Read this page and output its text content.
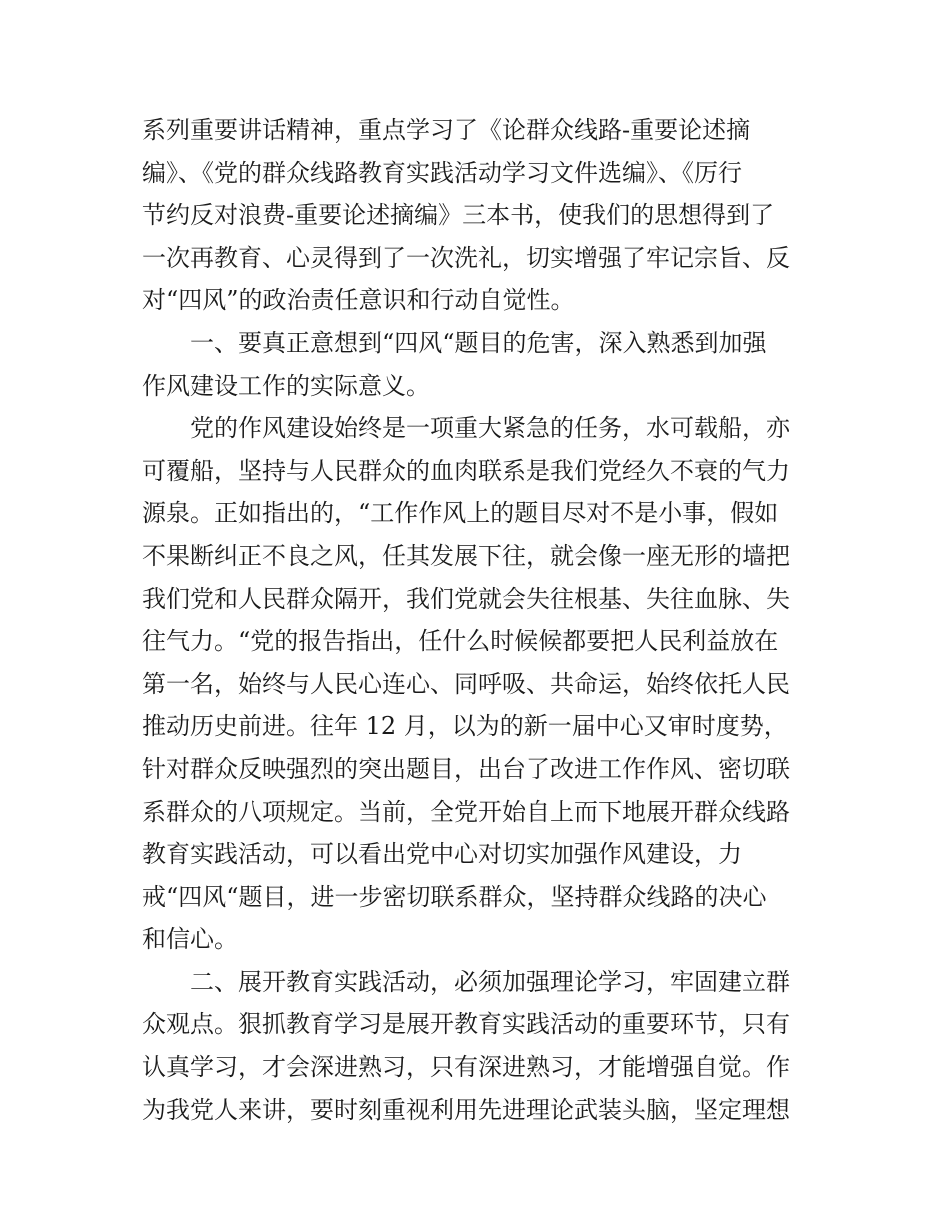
系列重要讲话精神，重点学习了《论群众线路-重要论述摘
编》、《党的群众线路教育实践活动学习文件选编》、《厉行
节约反对浪费-重要论述摘编》三本书，使我们的思想得到了
一次再教育、心灵得到了一次洗礼，切实增强了牢记宗旨、反
对“四风”的政治责任意识和行动自觉性。
　　一、要真正意想到“四风“题目的危害，深入熟悉到加强
作风建设工作的实际意义。
　　党的作风建设始终是一项重大紧急的任务，水可载船，亦
可覆船，坚持与人民群众的血肉联系是我们党经久不衰的气力
源泉。正如指出的，“工作作风上的题目尽对不是小事，假如
不果断纠正不良之风，任其发展下往，就会像一座无形的墙把
我们党和人民群众隔开，我们党就会失往根基、失往血脉、失
往气力。“党的报告指出，任什么时候候都要把人民利益放在
第一名，始终与人民心连心、同呼吸、共命运，始终依托人民
推动历史前进。往年 12 月，以为的新一届中心又审时度势，
针对群众反映强烈的突出题目，出台了改进工作作风、密切联
系群众的八项规定。当前，全党开始自上而下地展开群众线路
教育实践活动，可以看出党中心对切实加强作风建设，力
戒“四风“题目，进一步密切联系群众，坚持群众线路的决心
和信心。
　　二、展开教育实践活动，必须加强理论学习，牢固建立群
众观点。狠抓教育学习是展开教育实践活动的重要环节，只有
认真学习，才会深进熟习，只有深进熟习，才能增强自觉。作
为我党人来讲，要时刻重视利用先进理论武装头脑，坚定理想
